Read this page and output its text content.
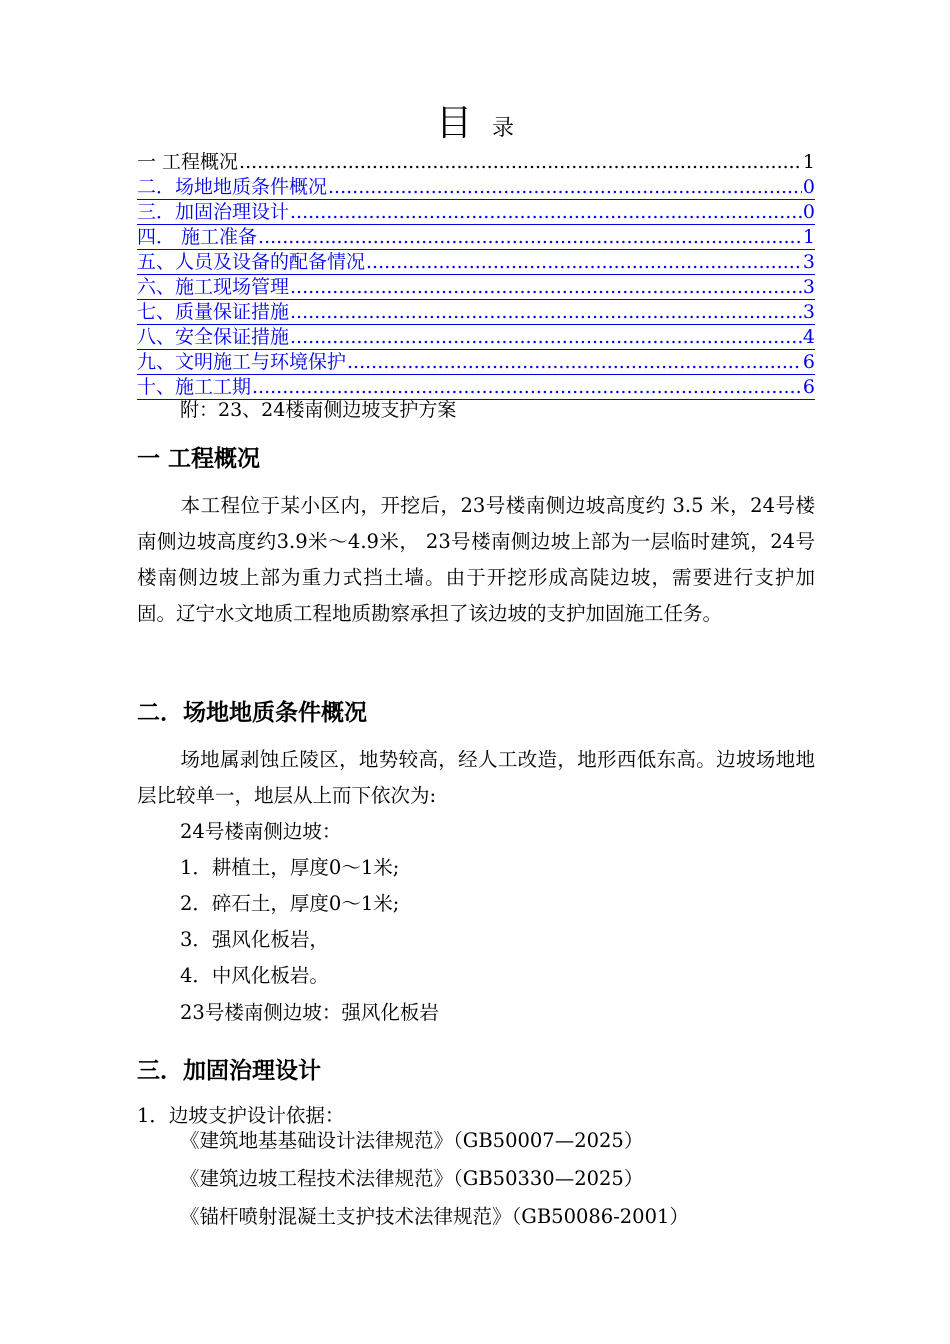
目录
一 工程概况 .....	1
二．场地地质条件概况 .....	0
三．加固治理设计 .....	0
四． 施工准备 .....	1
五、人员及设备的配备情况 .....	3
六、施工现场管理 .....	3
七、质量保证措施 .....	3
八、安全保证措施 .....	4
九、文明施工与环境保护 .....	6
十、施工工期 .....	6
附：23、24楼南侧边坡支护方案
一 工程概况

本工程位于某小区内，开挖后，23号楼南侧边坡高度约 3.5 米，24号楼南侧边坡高度约3.9米～4.9米， 23号楼南侧边坡上部为一层临时建筑，24号楼南侧边坡上部为重力式挡土墙。由于开挖形成高陡边坡，需要进行支护加固。辽宁水文地质工程地质勘察承担了该边坡的支护加固施工任务。

二．场地地质条件概况

场地属剥蚀丘陵区，地势较高，经人工改造，地形西低东高。边坡场地地层比较单一，地层从上而下依次为:

24号楼南侧边坡：
1．耕植土，厚度0～1米;
2．碎石土，厚度0～1米;
3．强风化板岩，
4．中风化板岩。
23号楼南侧边坡：强风化板岩
三．加固治理设计
1．边坡支护设计依据：
《建筑地基基础设计法律规范》（GB50007—2025）
《建筑边坡工程技术法律规范》（GB50330—2025）
《锚杆喷射混凝土支护技术法律规范》（GB50086-2001）
